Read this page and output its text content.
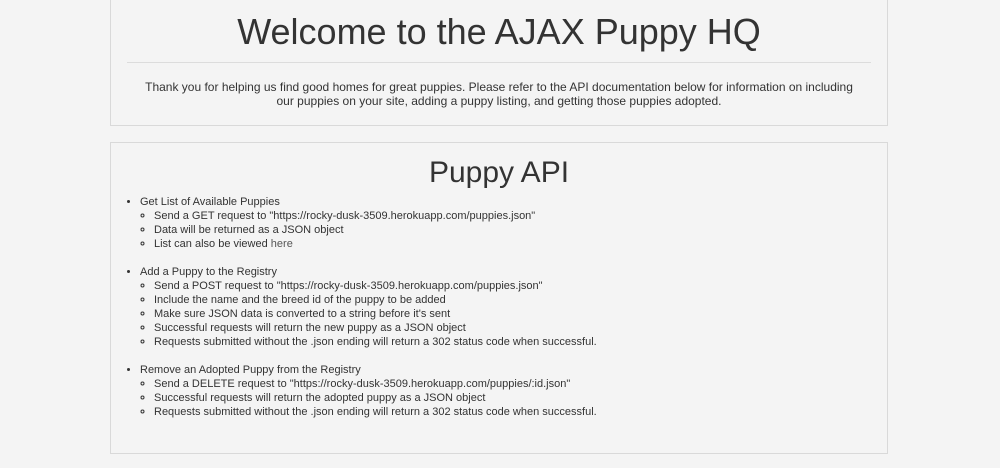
Welcome to the AJAX Puppy HQ

Thank you for helping us find good homes for great puppies. Please refer to the API documentation below for information on including our puppies on your site, adding a puppy listing, and getting those puppies adopted.

Puppy API
• Get List of Available Puppies
◦ Send a GET request to "https://rocky-dusk-3509.herokuapp.com/puppies.json"
◦ Data will be returned as a JSON object
◦ List can also be viewed here
• Add a Puppy to the Registry
◦ Send a POST request to "https://rocky-dusk-3509.herokuapp.com/puppies.json"
◦ Include the name and the breed id of the puppy to be added
◦ Make sure JSON data is converted to a string before it's sent
◦ Successful requests will return the new puppy as a JSON object
◦ Requests submitted without the .json ending will return a 302 status code when successful.
• Remove an Adopted Puppy from the Registry
◦ Send a DELETE request to "https://rocky-dusk-3509.herokuapp.com/puppies/:id.json"
◦ Successful requests will return the adopted puppy as a JSON object
◦ Requests submitted without the .json ending will return a 302 status code when successful.
